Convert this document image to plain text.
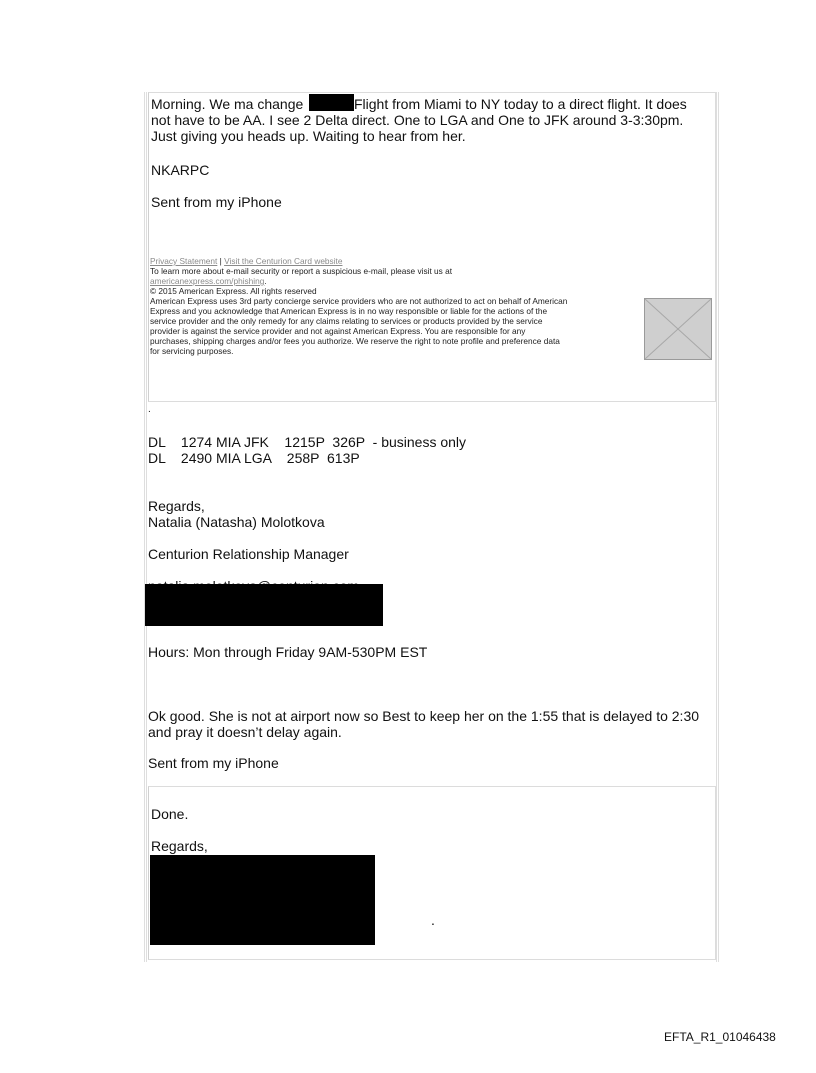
Morning. We ma change	Flight from Miami to NY today to a direct flight. It does
not have to be AA. I see 2 Delta direct. One to LGA and One to JFK around 3-3:30pm.
Just giving you heads up. Waiting to hear from her.
NKARPC
Sent from my iPhone
Privacy Statement | Visit the Centurion Card website
To learn more about e-mail security or report a suspicious e-mail, please visit us at
americanexpress.com/phishing.
© 2015 American Express. All rights reserved
American Express uses 3rd party concierge service providers who are not authorized to act on behalf of American
Express and you acknowledge that American Express is in no way responsible or liable for the actions of the
service provider and the only remedy for any claims relating to services or products provided by the service
provider is against the service provider and not against American Express. You are responsible for any
purchases, shipping charges and/or fees you authorize. We reserve the right to note profile and preference data
for servicing purposes.
.
DL    1274 MIA JFK    1215P  326P  - business only
DL    2490 MIA LGA    258P  613P
Regards,
Natalia (Natasha) Molotkova
Centurion Relationship Manager
Hours: Mon through Friday 9AM-530PM EST
Ok good. She is not at airport now so Best to keep her on the 1:55 that is delayed to 2:30
and pray it doesn’t delay again.
Sent from my iPhone
Done.
Regards,
.
EFTA_R1_01046438
